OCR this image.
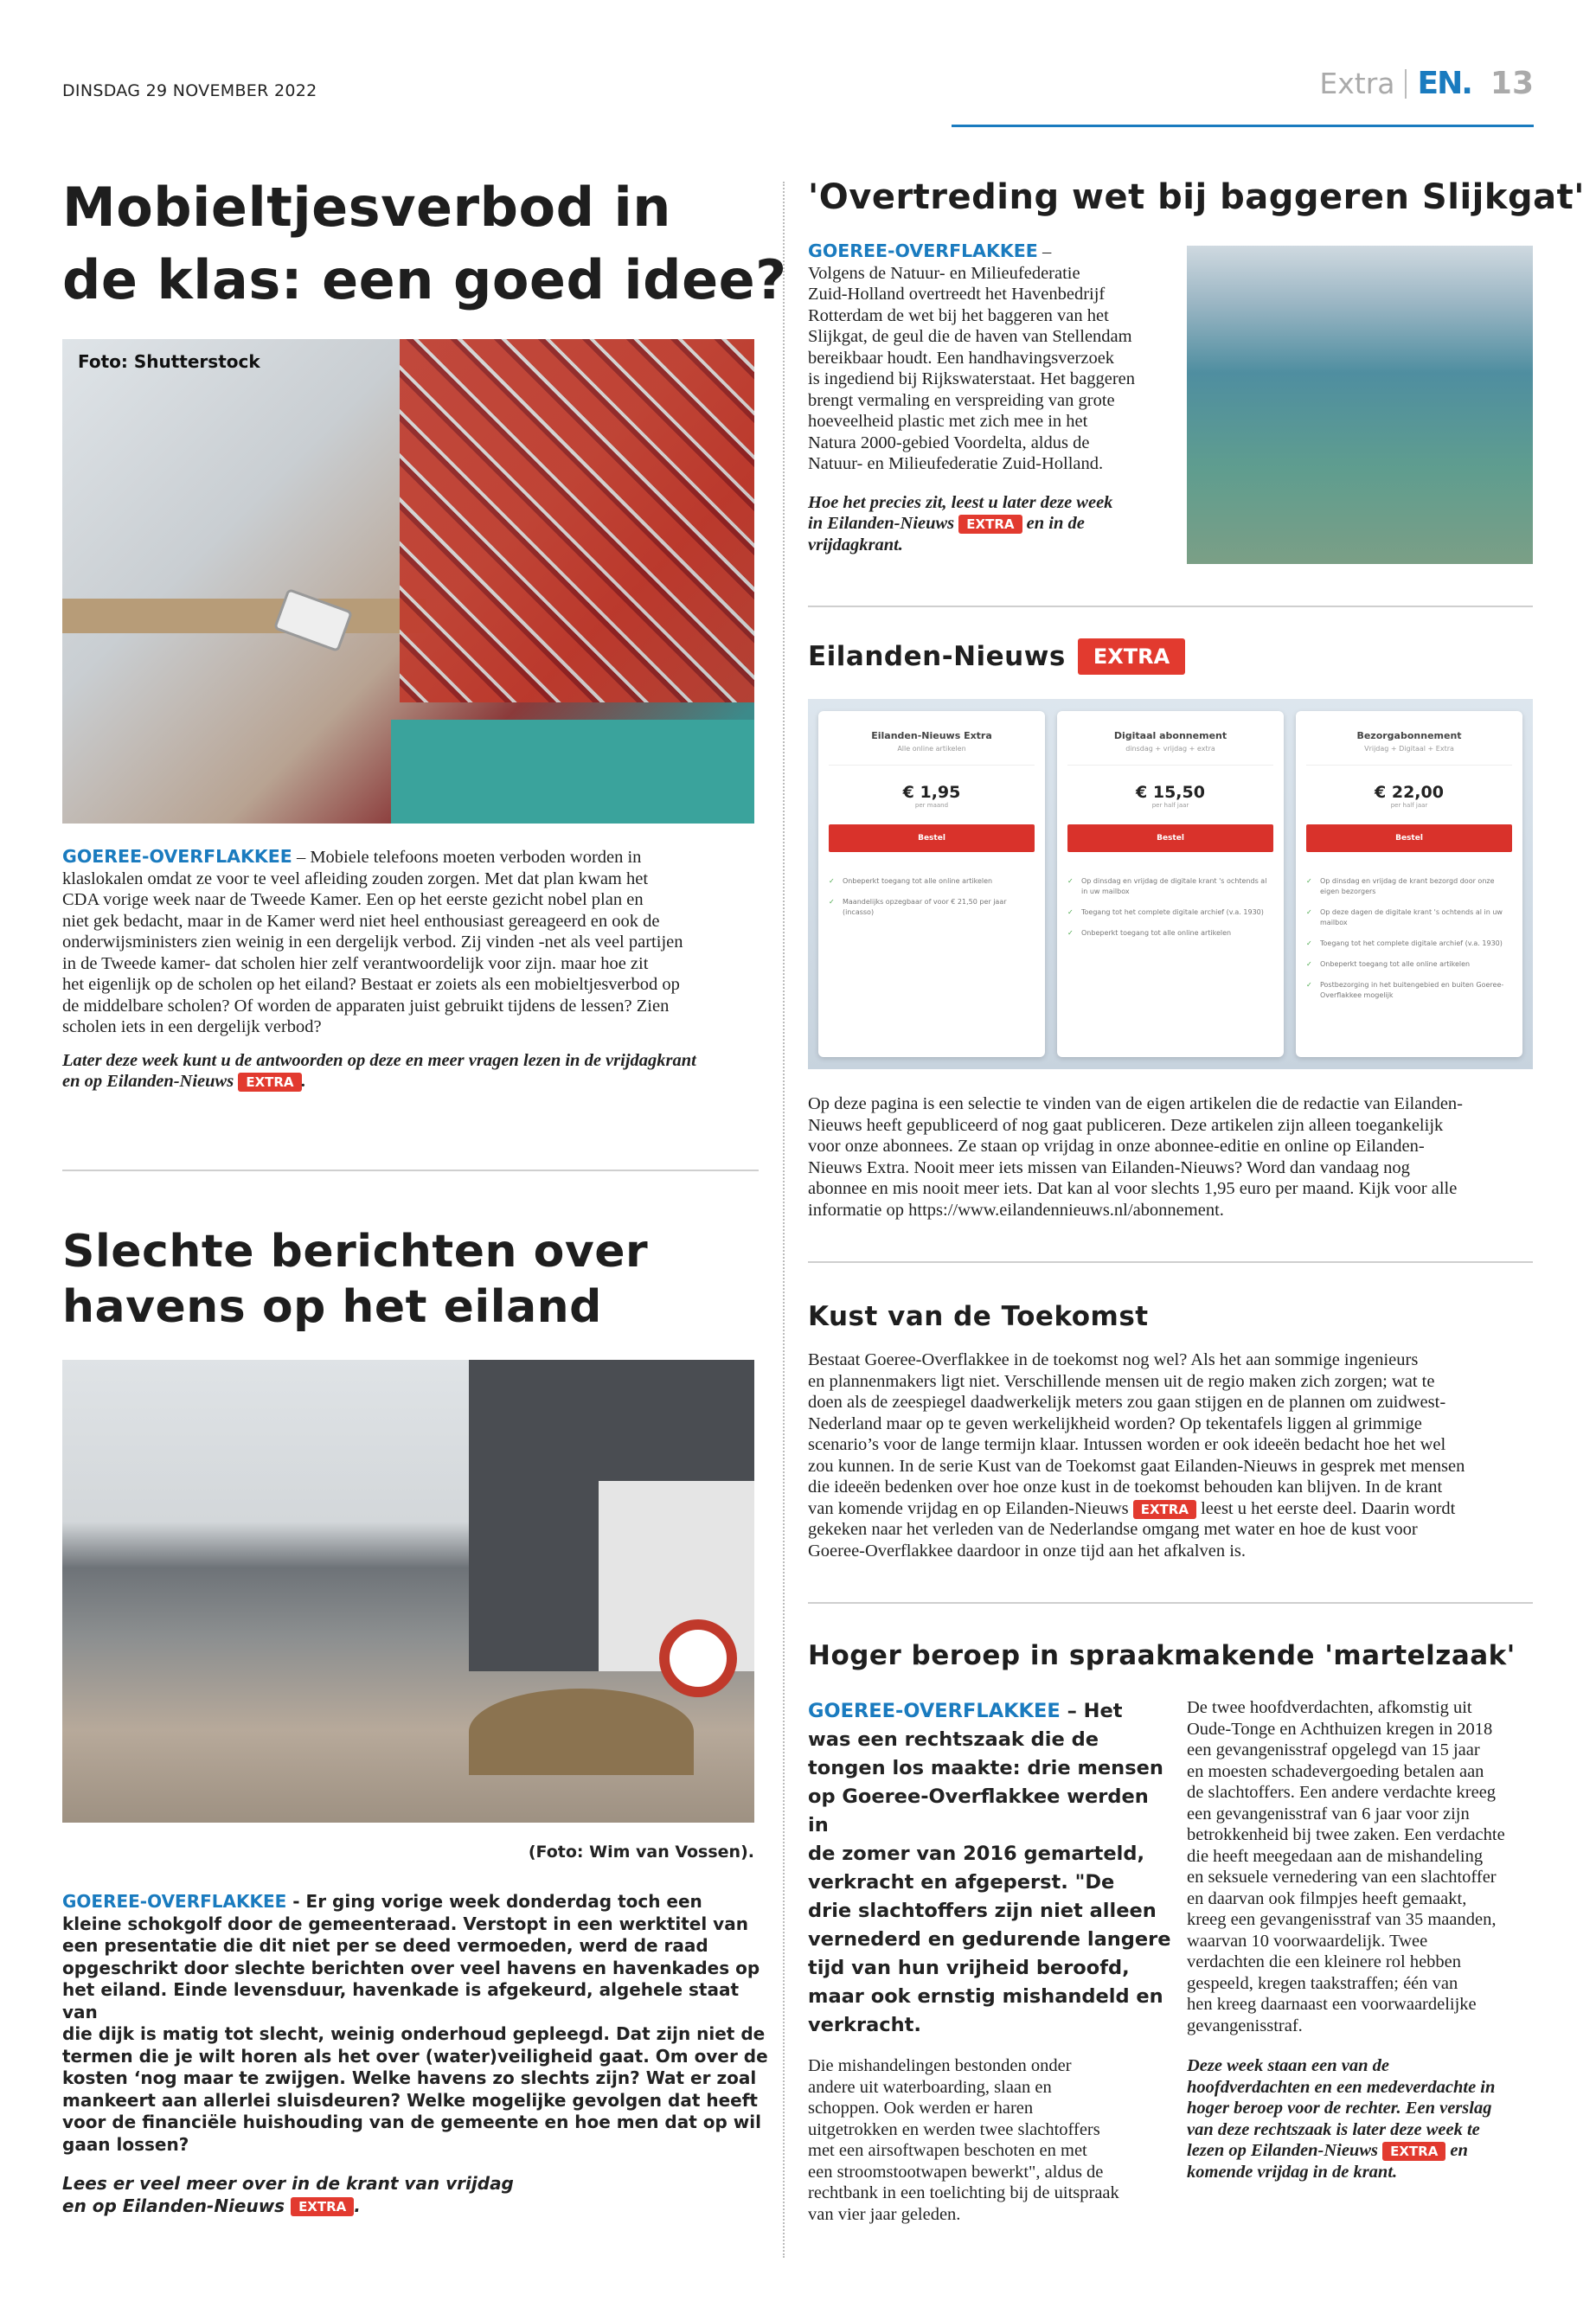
DINSDAG 29 NOVEMBER 2022	Extra EN. 13
Mobieltjesverbod in
de klas: een goed idee?
Foto: Shutterstock
GOEREE-OVERFLAKKEE – Mobiele telefoons moeten verboden worden in
klaslokalen omdat ze voor te veel afleiding zouden zorgen. Met dat plan kwam het
CDA vorige week naar de Tweede Kamer. Een op het eerste gezicht nobel plan en
niet gek bedacht, maar in de Kamer werd niet heel enthousiast gereageerd en ook de
onderwijsministers zien weinig in een dergelijk verbod. Zij vinden -net als veel partijen
in de Tweede kamer- dat scholen hier zelf verantwoordelijk voor zijn. maar hoe zit
het eigenlijk op de scholen op het eiland? Bestaat er zoiets als een mobieltjesverbod op
de middelbare scholen? Of worden de apparaten juist gebruikt tijdens de lessen? Zien
scholen iets in een dergelijk verbod?
Later deze week kunt u de antwoorden op deze en meer vragen lezen in de vrijdagkrant
en op Eilanden-Nieuws EXTRA .
Slechte berichten over
havens op het eiland
(Foto: Wim van Vossen).
GOEREE-OVERFLAKKEE - Er ging vorige week donderdag toch een
kleine schokgolf door de gemeenteraad. Verstopt in een werktitel van
een presentatie die dit niet per se deed vermoeden, werd de raad
opgeschrikt door slechte berichten over veel havens en havenkades op
het eiland. Einde levensduur, havenkade is afgekeurd, algehele staat van
die dijk is matig tot slecht, weinig onderhoud gepleegd. Dat zijn niet de
termen die je wilt horen als het over (water)veiligheid gaat. Om over de
kosten ‘nog maar te zwijgen. Welke havens zo slechts zijn? Wat er zoal
mankeert aan allerlei sluisdeuren? Welke mogelijke gevolgen dat heeft
voor de financiële huishouding van de gemeente en hoe men dat op wil
gaan lossen?
Lees er veel meer over in de krant van vrijdag
en op Eilanden-Nieuws EXTRA .
'Overtreding wet bij baggeren Slijkgat'
GOEREE-OVERFLAKKEE –
Volgens de Natuur- en Milieufederatie
Zuid-Holland overtreedt het Havenbedrijf
Rotterdam de wet bij het baggeren van het
Slijkgat, de geul die de haven van Stellendam
bereikbaar houdt. Een handhavingsverzoek
is ingediend bij Rijkswaterstaat. Het baggeren
brengt vermaling en verspreiding van grote
hoeveelheid plastic met zich mee in het
Natura 2000-gebied Voordelta, aldus de
Natuur- en Milieufederatie Zuid-Holland.
Hoe het precies zit, leest u later deze week
in Eilanden-Nieuws EXTRA en in de
vrijdagkrant.
Eilanden-Nieuws	EXTRA
Eilanden-Nieuws Extra
Alle online artikelen
€ 1,95
per maand
Bestel
✓ Onbeperkt toegang tot alle online artikelen
✓ Maandelijks opzegbaar of voor € 21,50 per jaar (incasso)
Digitaal abonnement
dinsdag + vrijdag + extra
€ 15,50
per half jaar
Bestel
✓ Op dinsdag en vrijdag de digitale krant 's ochtends al in uw mailbox
✓ Toegang tot het complete digitale archief (v.a. 1930)
✓ Onbeperkt toegang tot alle online artikelen
Bezorgabonnement
Vrijdag + Digitaal + Extra
€ 22,00
per half jaar
Bestel
✓ Op dinsdag en vrijdag de krant bezorgd door onze eigen bezorgers
✓ Op deze dagen de digitale krant 's ochtends al in uw mailbox
✓ Toegang tot het complete digitale archief (v.a. 1930)
✓ Onbeperkt toegang tot alle online artikelen
✓ Postbezorging in het buitengebied en buiten Goeree-Overflakkee mogelijk
Op deze pagina is een selectie te vinden van de eigen artikelen die de redactie van Eilanden-
Nieuws heeft gepubliceerd of nog gaat publiceren. Deze artikelen zijn alleen toegankelijk
voor onze abonnees. Ze staan op vrijdag in onze abonnee-editie en online op Eilanden-
Nieuws Extra. Nooit meer iets missen van Eilanden-Nieuws? Word dan vandaag nog
abonnee en mis nooit meer iets. Dat kan al voor slechts 1,95 euro per maand. Kijk voor alle
informatie op https://www.eilandennieuws.nl/abonnement.
Kust van de Toekomst
Bestaat Goeree-Overflakkee in de toekomst nog wel? Als het aan sommige ingenieurs
en plannenmakers ligt niet. Verschillende mensen uit de regio maken zich zorgen; wat te
doen als de zeespiegel daadwerkelijk meters zou gaan stijgen en de plannen om zuidwest-
Nederland maar op te geven werkelijkheid worden? Op tekentafels liggen al grimmige
scenario’s voor de lange termijn klaar. Intussen worden er ook ideeën bedacht hoe het wel
zou kunnen. In de serie Kust van de Toekomst gaat Eilanden-Nieuws in gesprek met mensen
die ideeën bedenken over hoe onze kust in de toekomst behouden kan blijven. In de krant
van komende vrijdag en op Eilanden-Nieuws EXTRA leest u het eerste deel. Daarin wordt
gekeken naar het verleden van de Nederlandse omgang met water en hoe de kust voor
Goeree-Overflakkee daardoor in onze tijd aan het afkalven is.
Hoger beroep in spraakmakende 'martelzaak'
GOEREE-OVERFLAKKEE – Het
was een rechtszaak die de
tongen los maakte: drie mensen
op Goeree-Overflakkee werden in
de zomer van 2016 gemarteld,
verkracht en afgeperst. "De
drie slachtoffers zijn niet alleen
vernederd en gedurende langere
tijd van hun vrijheid beroofd,
maar ook ernstig mishandeld en
verkracht.
Die mishandelingen bestonden onder
andere uit waterboarding, slaan en
schoppen. Ook werden er haren
uitgetrokken en werden twee slachtoffers
met een airsoftwapen beschoten en met
een stroomstootwapen bewerkt", aldus de
rechtbank in een toelichting bij de uitspraak
van vier jaar geleden.
De twee hoofdverdachten, afkomstig uit
Oude-Tonge en Achthuizen kregen in 2018
een gevangenisstraf opgelegd van 15 jaar
en moesten schadevergoeding betalen aan
de slachtoffers. Een andere verdachte kreeg
een gevangenisstraf van 6 jaar voor zijn
betrokkenheid bij twee zaken. Een verdachte
die heeft meegedaan aan de mishandeling
en seksuele vernedering van een slachtoffer
en daarvan ook filmpjes heeft gemaakt,
kreeg een gevangenisstraf van 35 maanden,
waarvan 10 voorwaardelijk. Twee
verdachten die een kleinere rol hebben
gespeeld, kregen taakstraffen; één van
hen kreeg daarnaast een voorwaardelijke
gevangenisstraf.
Deze week staan een van de
hoofdverdachten en een medeverdachte in
hoger beroep voor de rechter. Een verslag
van deze rechtszaak is later deze week te
lezen op Eilanden-Nieuws EXTRA en
komende vrijdag in de krant.
